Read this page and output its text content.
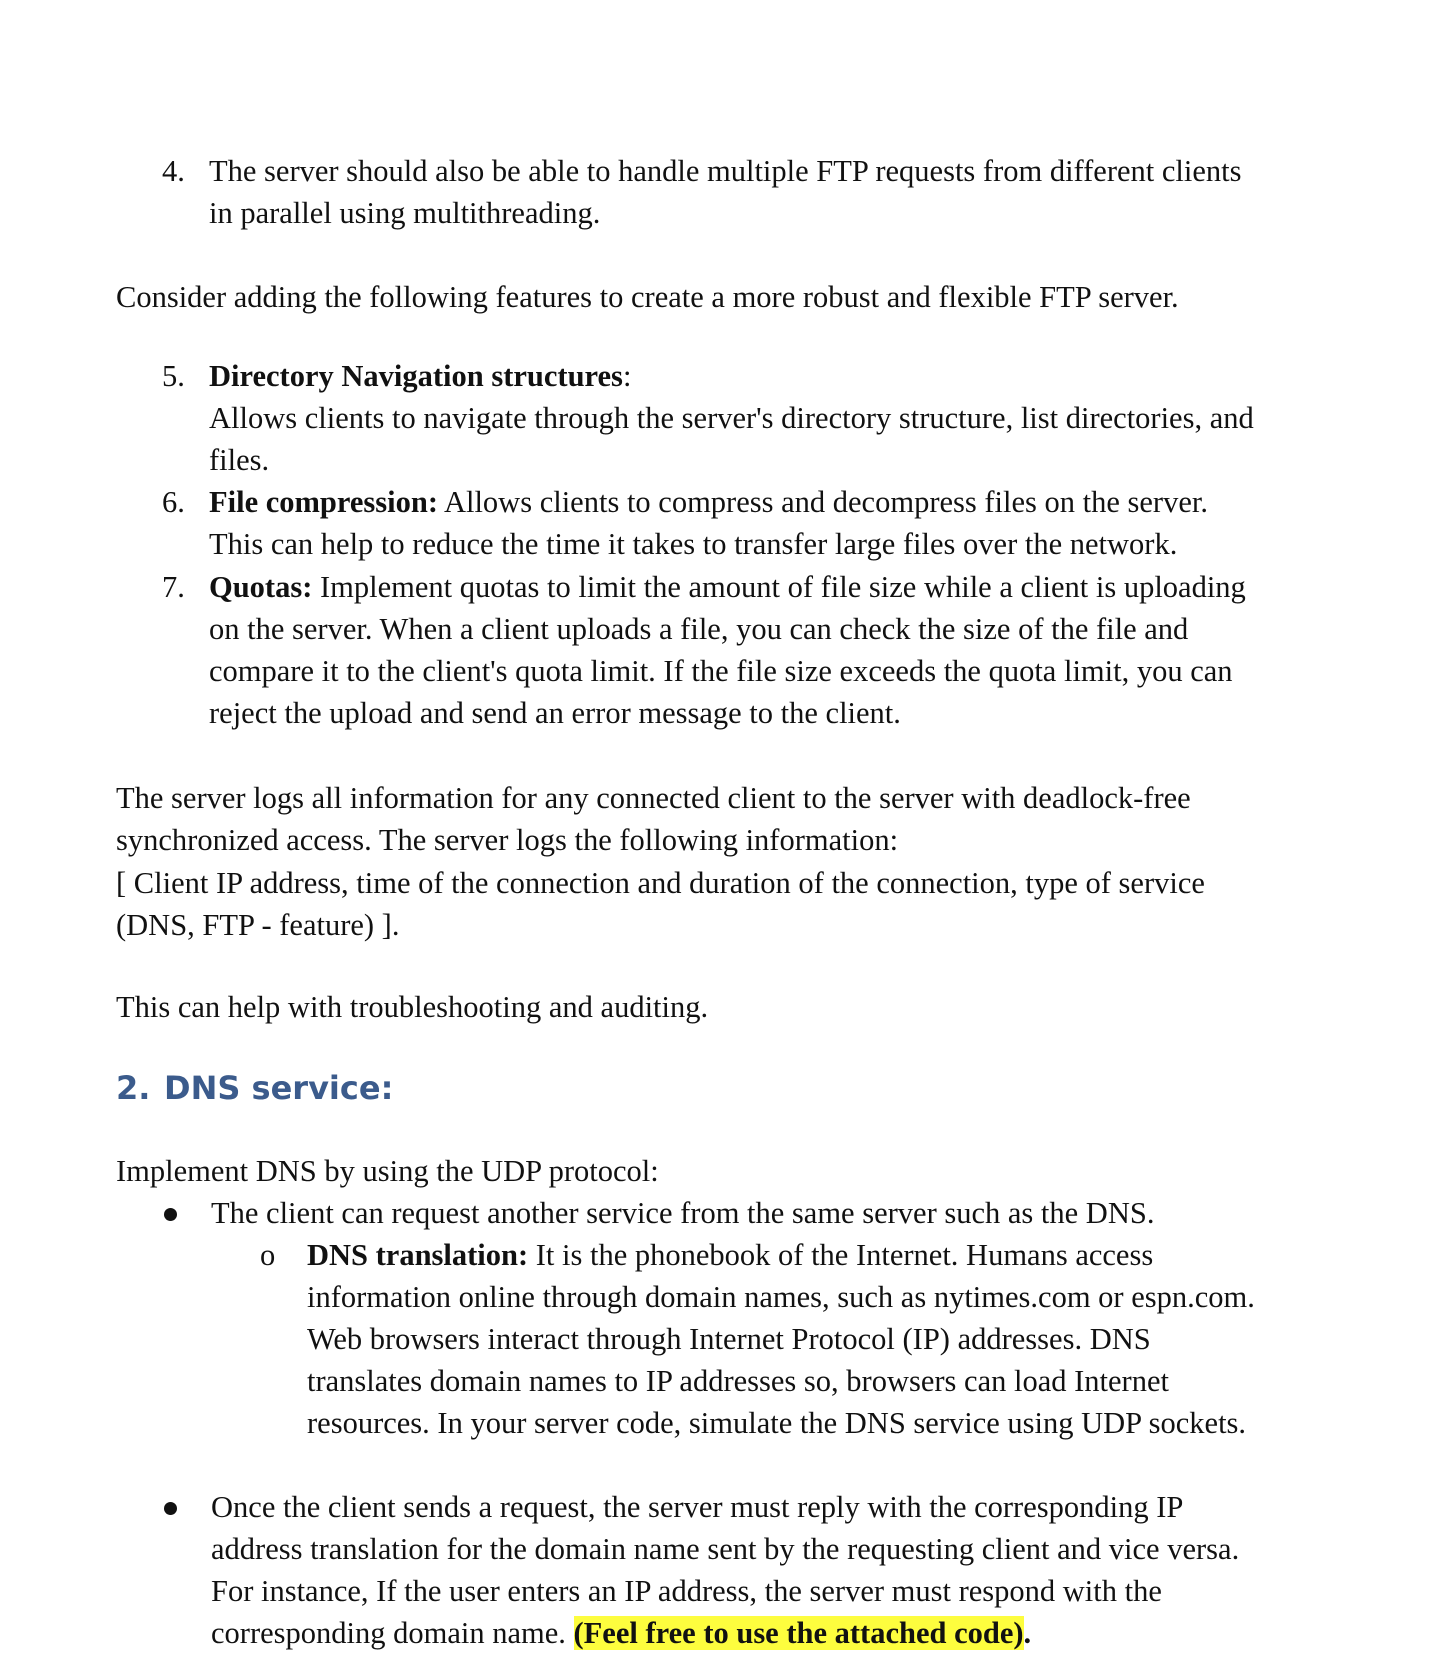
4. The server should also be able to handle multiple FTP requests from different clients
in parallel using multithreading.
Consider adding the following features to create a more robust and flexible FTP server.
5. Directory Navigation structures:
Allows clients to navigate through the server's directory structure, list directories, and
files.
6. File compression: Allows clients to compress and decompress files on the server.
This can help to reduce the time it takes to transfer large files over the network.
7. Quotas: Implement quotas to limit the amount of file size while a client is uploading
on the server. When a client uploads a file, you can check the size of the file and
compare it to the client's quota limit. If the file size exceeds the quota limit, you can
reject the upload and send an error message to the client.
The server logs all information for any connected client to the server with deadlock-free
synchronized access. The server logs the following information:
[ Client IP address, time of the connection and duration of the connection, type of service
(DNS, FTP - feature) ].
This can help with troubleshooting and auditing.
2. DNS service:
Implement DNS by using the UDP protocol:
The client can request another service from the same server such as the DNS.
o DNS translation: It is the phonebook of the Internet. Humans access
information online through domain names, such as nytimes.com or espn.com.
Web browsers interact through Internet Protocol (IP) addresses. DNS
translates domain names to IP addresses so, browsers can load Internet
resources. In your server code, simulate the DNS service using UDP sockets.
Once the client sends a request, the server must reply with the corresponding IP
address translation for the domain name sent by the requesting client and vice versa.
For instance, If the user enters an IP address, the server must respond with the
corresponding domain name. (Feel free to use the attached code).
